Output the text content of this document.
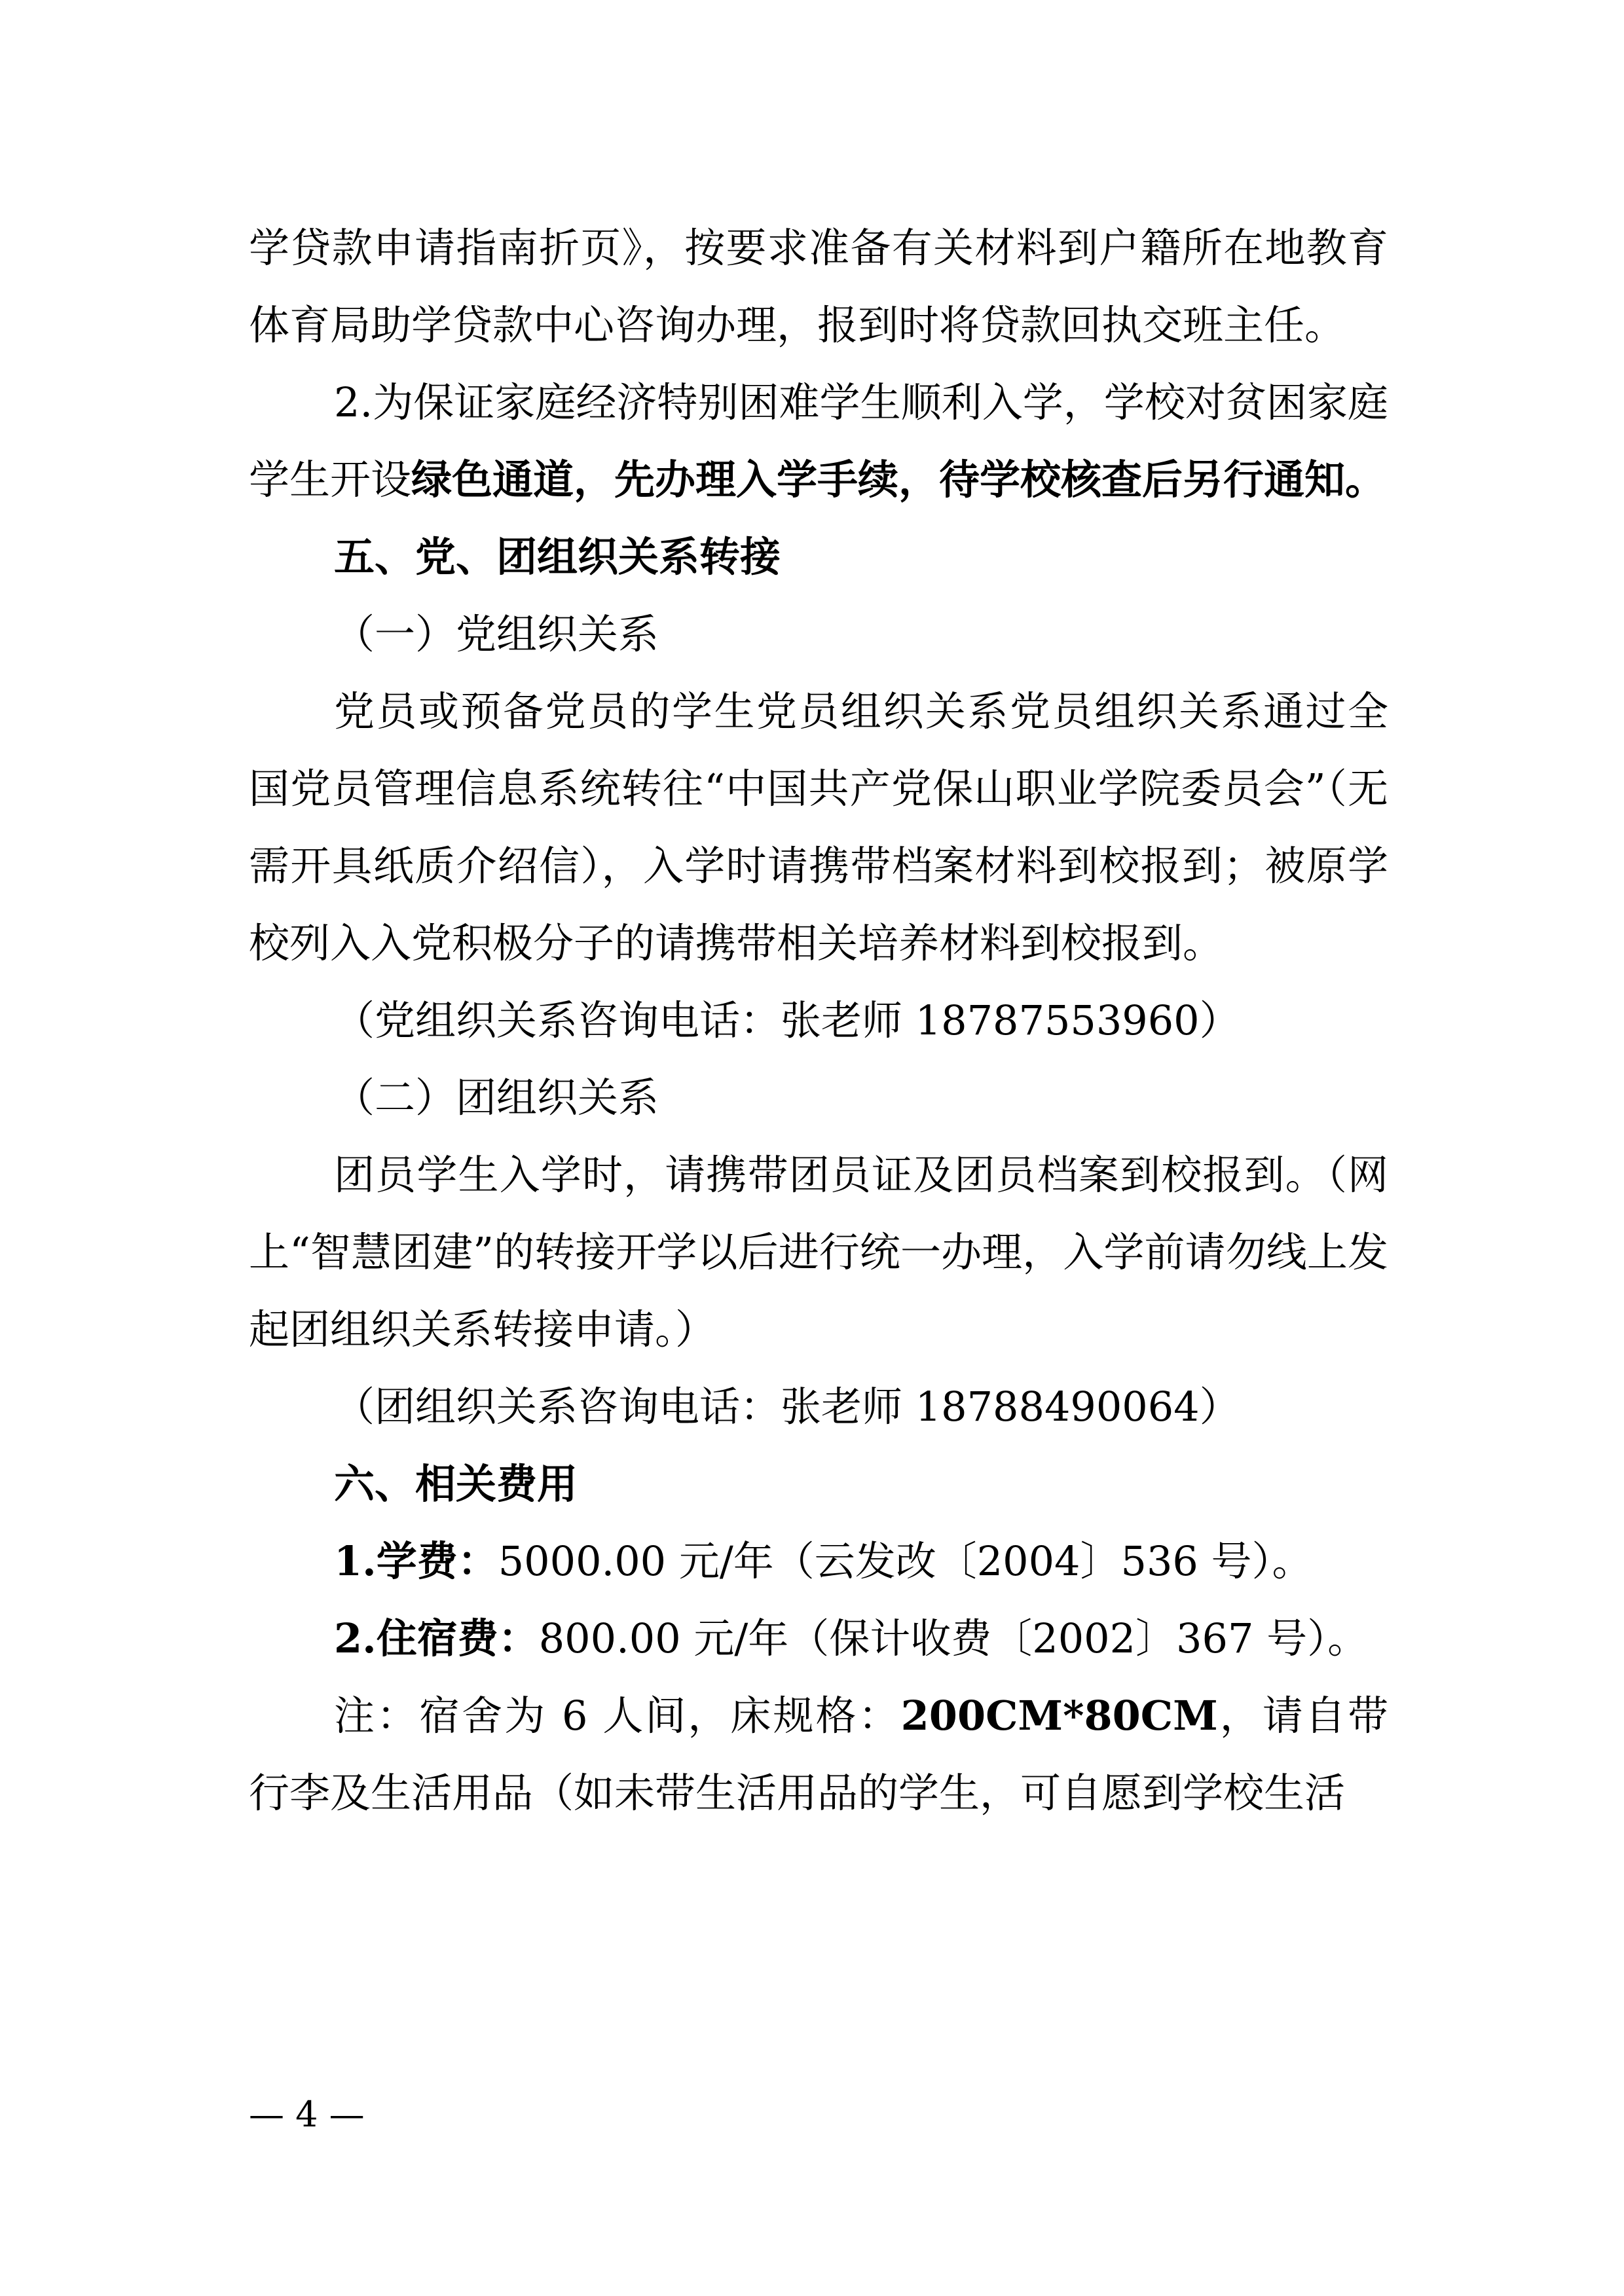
学贷款申请指南折页》，按要求准备有关材料到户籍所在地教育体育局助学贷款中心咨询办理，报到时将贷款回执交班主任。

2.为保证家庭经济特别困难学生顺利入学，学校对贫困家庭学生开设绿色通道，先办理入学手续，待学校核查后另行通知。

五、党、团组织关系转接

（一）党组织关系

党员或预备党员的学生党员组织关系党员组织关系通过全国党员管理信息系统转往“中国共产党保山职业学院委员会”（无需开具纸质介绍信），入学时请携带档案材料到校报到；被原学校列入入党积极分子的请携带相关培养材料到校报到。

（党组织关系咨询电话：张老师 18787553960）

（二）团组织关系

团员学生入学时，请携带团员证及团员档案到校报到。（网上“智慧团建”的转接开学以后进行统一办理，入学前请勿线上发起团组织关系转接申请。）

（团组织关系咨询电话：张老师 18788490064）

六、相关费用

1.学费：5000.00 元/年（云发改〔2004〕536 号）。

2.住宿费：800.00 元/年（保计收费〔2002〕367 号）。

注：宿舍为 6 人间，床规格：200CM*80CM，请自带行李及生活用品（如未带生活用品的学生，可自愿到学校生活

— 4 —
